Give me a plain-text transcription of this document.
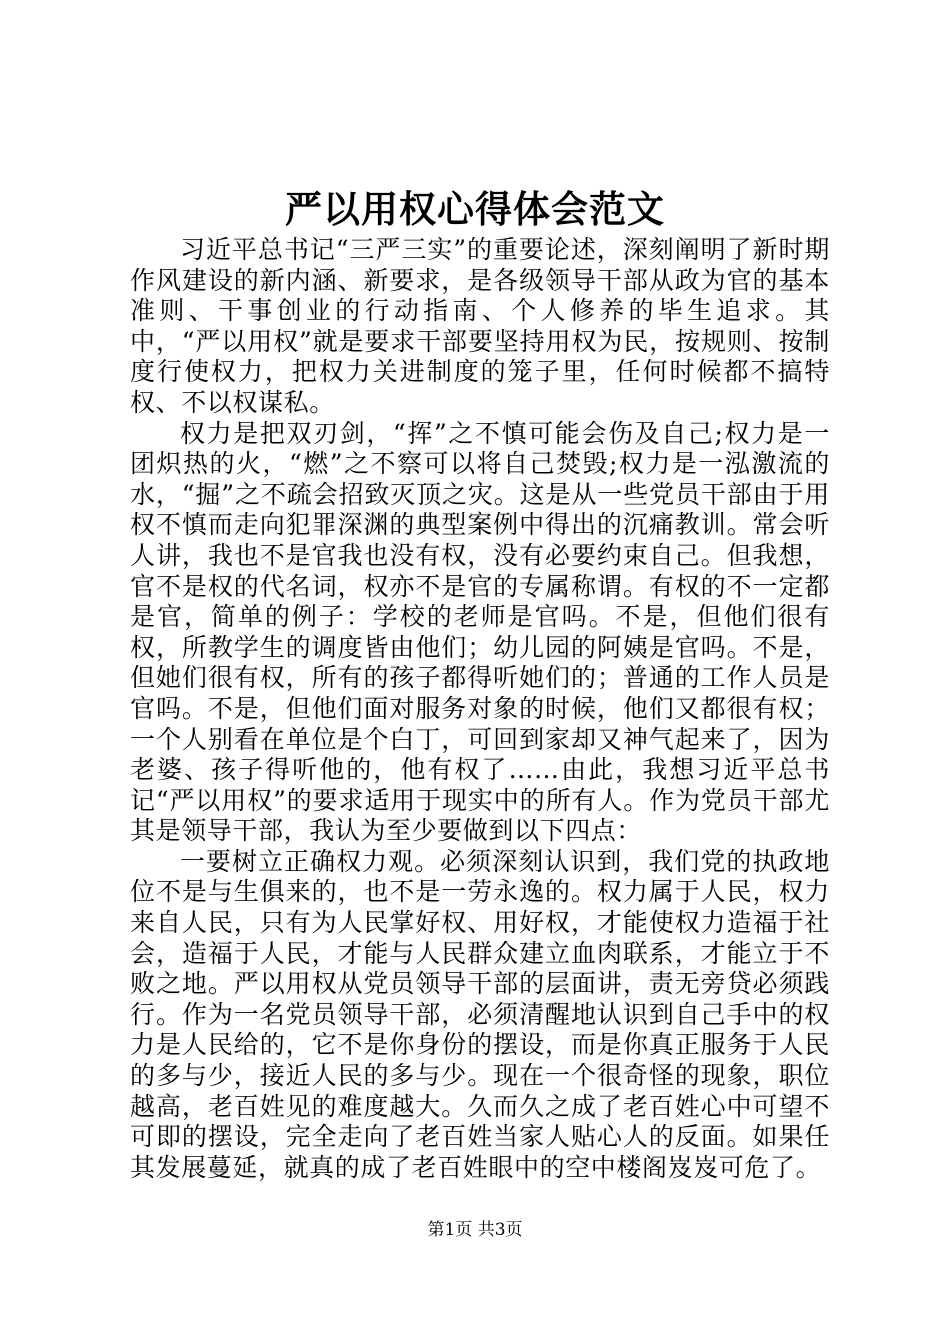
严以用权心得体会范文

习近平总书记“三严三实”的重要论述，深刻阐明了新时期作风建设的新内涵、新要求，是各级领导干部从政为官的基本准则、干事创业的行动指南、个人修养的毕生追求。其中，“严以用权”就是要求干部要坚持用权为民，按规则、按制度行使权力，把权力关进制度的笼子里，任何时候都不搞特权、不以权谋私。

权力是把双刃剑，“挥”之不慎可能会伤及自己;权力是一团炽热的火，“燃”之不察可以将自己焚毁;权力是一泓激流的水，“掘”之不疏会招致灭顶之灾。这是从一些党员干部由于用权不慎而走向犯罪深渊的典型案例中得出的沉痛教训。常会听人讲，我也不是官我也没有权，没有必要约束自己。但我想，官不是权的代名词，权亦不是官的专属称谓。有权的不一定都是官，简单的例子：学校的老师是官吗。不是，但他们很有权，所教学生的调度皆由他们；幼儿园的阿姨是官吗。不是，但她们很有权，所有的孩子都得听她们的；普通的工作人员是官吗。不是，但他们面对服务对象的时候，他们又都很有权；一个人别看在单位是个白丁，可回到家却又神气起来了，因为老婆、孩子得听他的，他有权了……由此，我想习近平总书记“严以用权”的要求适用于现实中的所有人。作为党员干部尤其是领导干部，我认为至少要做到以下四点：

一要树立正确权力观。必须深刻认识到，我们党的执政地位不是与生俱来的，也不是一劳永逸的。权力属于人民，权力来自人民，只有为人民掌好权、用好权，才能使权力造福于社会，造福于人民，才能与人民群众建立血肉联系，才能立于不败之地。严以用权从党员领导干部的层面讲，责无旁贷必须践行。作为一名党员领导干部，必须清醒地认识到自己手中的权力是人民给的，它不是你身份的摆设，而是你真正服务于人民的多与少，接近人民的多与少。现在一个很奇怪的现象，职位越高，老百姓见的难度越大。久而久之成了老百姓心中可望不可即的摆设，完全走向了老百姓当家人贴心人的反面。如果任其发展蔓延，就真的成了老百姓眼中的空中楼阁岌岌可危了。

第1页 共3页
